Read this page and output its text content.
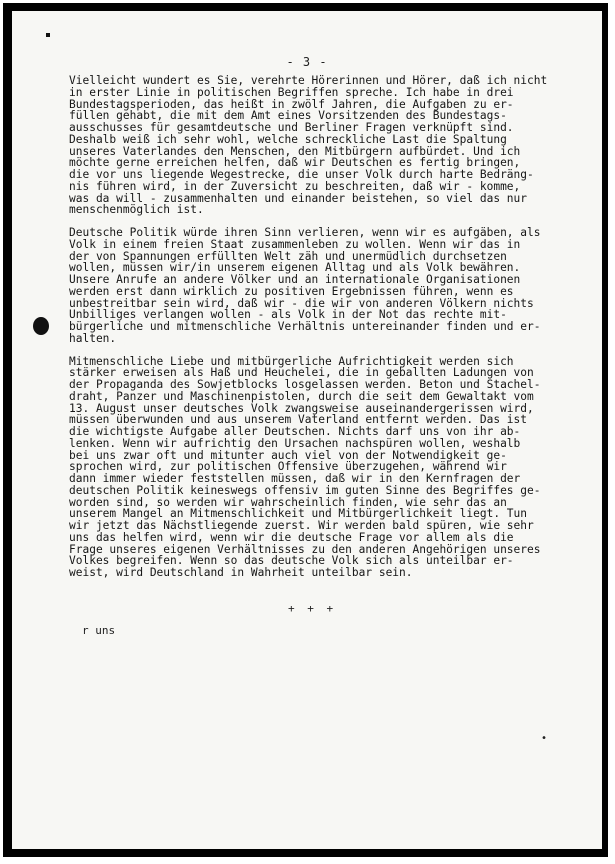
- 3 -
Vielleicht wundert es Sie, verehrte Hörerinnen und Hörer, daß ich nicht
in erster Linie in politischen Begriffen spreche. Ich habe in drei
Bundestagsperioden, das heißt in zwölf Jahren, die Aufgaben zu er-
füllen gehabt, die mit dem Amt eines Vorsitzenden des Bundestags-
ausschusses für gesamtdeutsche und Berliner Fragen verknüpft sind.
Deshalb weiß ich sehr wohl, welche schreckliche Last die Spaltung
unseres Vaterlandes den Menschen, den Mitbürgern aufbürdet. Und ich
möchte gerne erreichen helfen, daß wir Deutschen es fertig bringen,
die vor uns liegende Wegestrecke, die unser Volk durch harte Bedräng-
nis führen wird, in der Zuversicht zu beschreiten, daß wir - komme,
was da will - zusammenhalten und einander beistehen, so viel das nur
menschenmöglich ist.
Deutsche Politik würde ihren Sinn verlieren, wenn wir es aufgäben, als
Volk in einem freien Staat zusammenleben zu wollen. Wenn wir das in
der von Spannungen erfüllten Welt zäh und unermüdlich durchsetzen
wollen, müssen wir/in unserem eigenen Alltag und als Volk bewähren.
Unsere Anrufe an andere Völker und an internationale Organisationen
werden erst dann wirklich zu positiven Ergebnissen führen, wenn es
unbestreitbar sein wird, daß wir - die wir von anderen Völkern nichts
Unbilliges verlangen wollen - als Volk in der Not das rechte mit-
bürgerliche und mitmenschliche Verhältnis untereinander finden und er-
halten.
Mitmenschliche Liebe und mitbürgerliche Aufrichtigkeit werden sich
stärker erweisen als Haß und Heuchelei, die in geballten Ladungen von
der Propaganda des Sowjetblocks losgelassen werden. Beton und Stachel-
draht, Panzer und Maschinenpistolen, durch die seit dem Gewaltakt vom
13. August unser deutsches Volk zwangsweise auseinandergerissen wird,
müssen überwunden und aus unserem Vaterland entfernt werden. Das ist
die wichtigste Aufgabe aller Deutschen. Nichts darf uns von ihr ab-
lenken. Wenn wir aufrichtig den Ursachen nachspüren wollen, weshalb
bei uns zwar oft und mitunter auch viel von der Notwendigkeit ge-
sprochen wird, zur politischen Offensive überzugehen, während wir
dann immer wieder feststellen müssen, daß wir in den Kernfragen der
deutschen Politik keineswegs offensiv im guten Sinne des Begriffes ge-
worden sind, so werden wir wahrscheinlich finden, wie sehr das an
unserem Mangel an Mitmenschlichkeit und Mitbürgerlichkeit liegt. Tun
wir jetzt das Nächstliegende zuerst. Wir werden bald spüren, wie sehr
uns das helfen wird, wenn wir die deutsche Frage vor allem als die
Frage unseres eigenen Verhältnisses zu den anderen Angehörigen unseres
Volkes begreifen. Wenn so das deutsche Volk sich als unteilbar er-
weist, wird Deutschland in Wahrheit unteilbar sein.
+ + +
r uns
•
